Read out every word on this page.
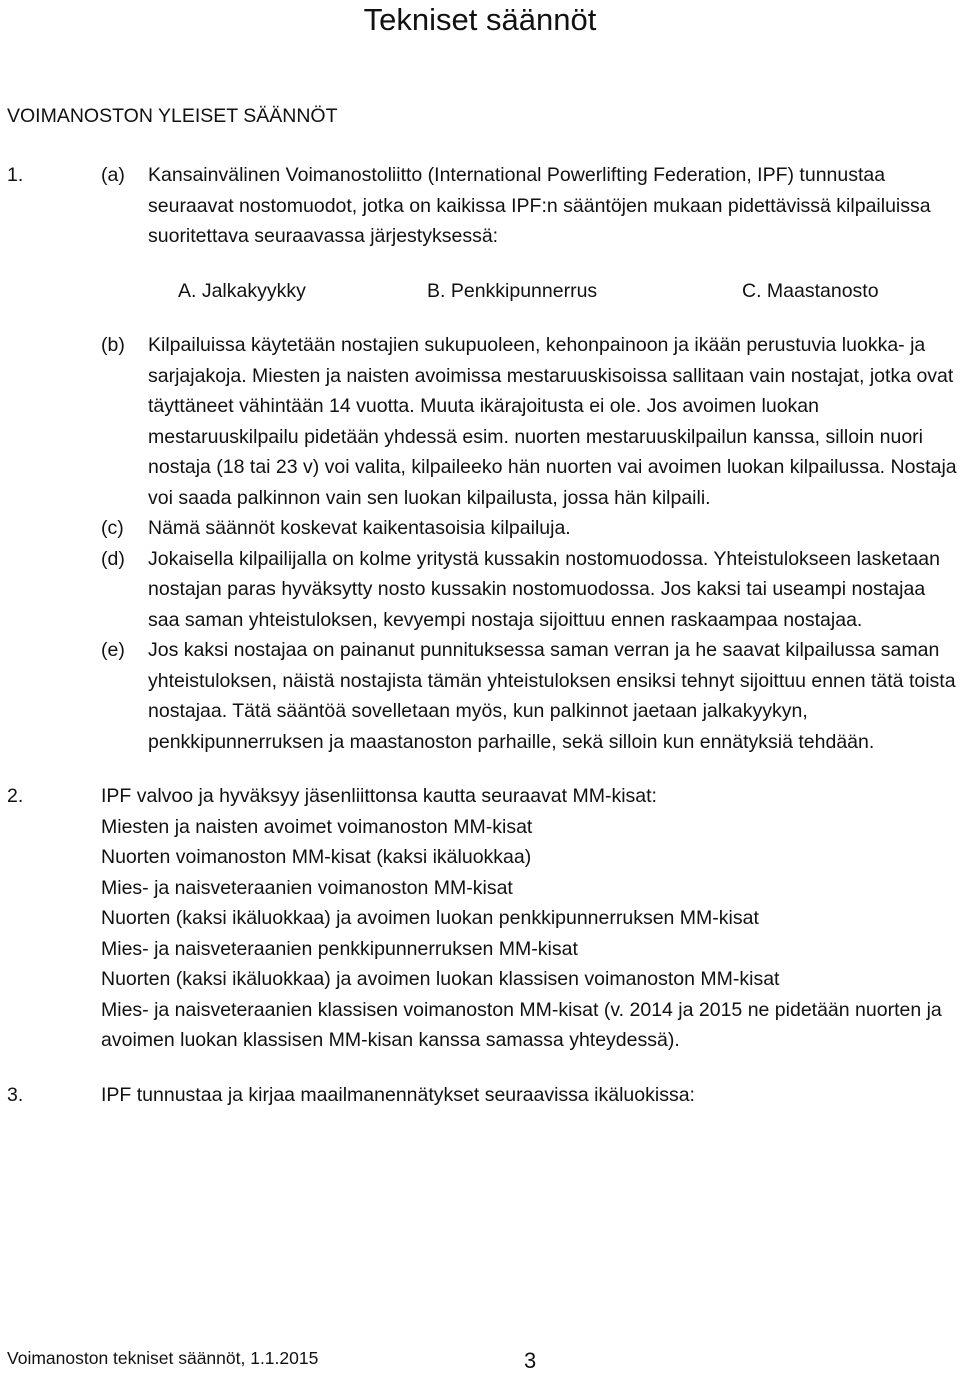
Tekniset säännöt
VOIMANOSTON YLEISET SÄÄNNÖT
1.	(a) Kansainvälinen Voimanostoliitto (International Powerlifting Federation, IPF) tunnustaa seuraavat nostomuodot, jotka on kaikissa IPF:n sääntöjen mukaan pidettävissä kilpailuissa suoritettava seuraavassa järjestyksessä:
A. Jalkakyykky	B. Penkkipunnerrus	C. Maastanosto
(b) Kilpailuissa käytetään nostajien sukupuoleen, kehonpainoon ja ikään perustuvia luokka- ja sarjajakoja. Miesten ja naisten avoimissa mestaruuskisoissa sallitaan vain nostajat, jotka ovat täyttäneet vähintään 14 vuotta. Muuta ikärajoitusta ei ole. Jos avoimen luokan mestaruuskilpailu pidetään yhdessä esim. nuorten mestaruuskilpailun kanssa, silloin nuori nostaja (18 tai 23 v) voi valita, kilpaileeko hän nuorten vai avoimen luokan kilpailussa. Nostaja voi saada palkinnon vain sen luokan kilpailusta, jossa hän kilpaili.
(c) Nämä säännöt koskevat kaikentasoisia kilpailuja.
(d) Jokaisella kilpailijalla on kolme yritystä kussakin nostomuodossa. Yhteistulokseen lasketaan nostajan paras hyväksytty nosto kussakin nostomuodossa. Jos kaksi tai useampi nostajaa saa saman yhteistuloksen, kevyempi nostaja sijoittuu ennen raskaampaa nostajaa.
(e) Jos kaksi nostajaa on painanut punnituksessa saman verran ja he saavat kilpailussa saman yhteistuloksen, näistä nostajista tämän yhteistuloksen ensiksi tehnyt sijoittuu ennen tätä toista nostajaa. Tätä sääntöä sovelletaan myös, kun palkinnot jaetaan jalkakyykyn, penkkipunnerruksen ja maastanoston parhaille, sekä silloin kun ennätyksiä tehdään.
2.	IPF valvoo ja hyväksyy jäsenliittonsa kautta seuraavat MM-kisat:
Miesten ja naisten avoimet voimanoston MM-kisat
Nuorten voimanoston MM-kisat (kaksi ikäluokkaa)
Mies- ja naisveteraanien voimanoston MM-kisat
Nuorten (kaksi ikäluokkaa) ja avoimen luokan penkkipunnerruksen MM-kisat
Mies- ja naisveteraanien penkkipunnerruksen MM-kisat
Nuorten (kaksi ikäluokkaa) ja avoimen luokan klassisen voimanoston MM-kisat
Mies- ja naisveteraanien klassisen voimanoston MM-kisat (v. 2014 ja 2015 ne pidetään nuorten ja avoimen luokan klassisen MM-kisan kanssa samassa yhteydessä).
3.	IPF tunnustaa ja kirjaa maailmanennätykset seuraavissa ikäluokissa:
Voimanoston tekniset säännöt, 1.1.2015	3
